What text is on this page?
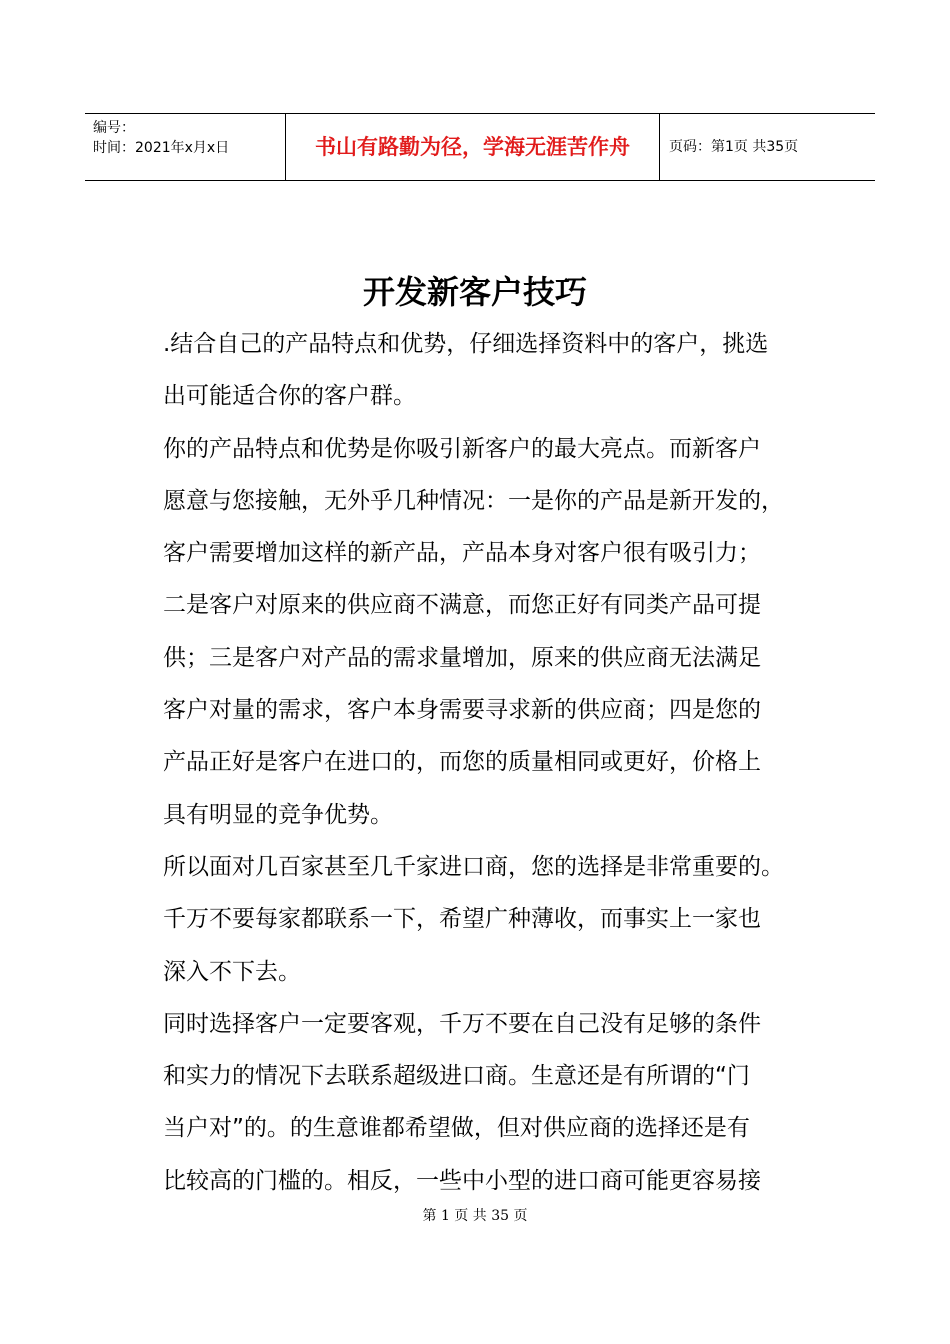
编号：
时间：2021年x月x日	书山有路勤为径，学海无涯苦作舟	页码：第1页 共35页
开发新客户技巧
.结合自己的产品特点和优势，仔细选择资料中的客户，挑选
出可能适合你的客户群。
你的产品特点和优势是你吸引新客户的最大亮点。而新客户
愿意与您接触，无外乎几种情况：一是你的产品是新开发的，
客户需要增加这样的新产品，产品本身对客户很有吸引力；
二是客户对原来的供应商不满意，而您正好有同类产品可提
供；三是客户对产品的需求量增加，原来的供应商无法满足
客户对量的需求，客户本身需要寻求新的供应商；四是您的
产品正好是客户在进口的，而您的质量相同或更好，价格上
具有明显的竞争优势。
所以面对几百家甚至几千家进口商，您的选择是非常重要的。
千万不要每家都联系一下，希望广种薄收，而事实上一家也
深入不下去。
同时选择客户一定要客观，千万不要在自己没有足够的条件
和实力的情况下去联系超级进口商。生意还是有所谓的“门
当户对”的。的生意谁都希望做，但对供应商的选择还是有
比较高的门槛的。相反，一些中小型的进口商可能更容易接
第 1 页 共 35 页
